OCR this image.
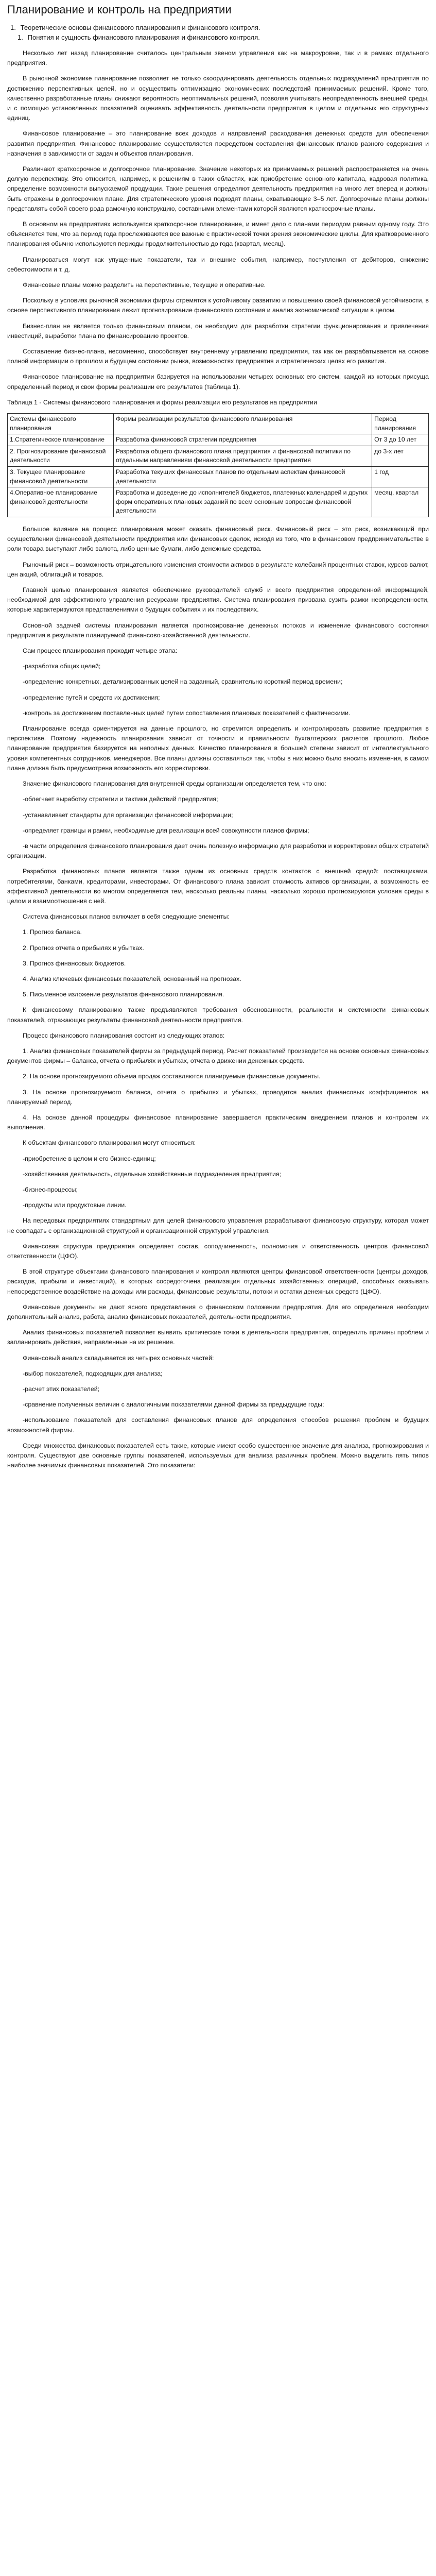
Планирование и контроль на предприятии
1. Теоретические основы финансового планирования и финансового контроля.
1. Понятия и сущность финансового планирования и финансового контроля.

Несколько лет назад планирование считалось центральным звеном управления как на макроуровне, так и в рамках отдельного предприятия.

В рыночной экономике планирование позволяет не только скоординировать деятельность отдельных подразделений предприятия по достижению перспективных целей, но и осуществить оптимизацию экономических последствий принимаемых решений. Кроме того, качественно разработанные планы снижают вероятность неоптимальных решений, позволяя учитывать неопределенность внешней среды, и с помощью установленных показателей оценивать эффективность деятельности предприятия в целом и отдельных его структурных единиц.

Финансовое планирование – это планирование всех доходов и направлений расходования денежных средств для обеспечения развития предприятия. Финансовое планирование осуществляется посредством составления финансовых планов разного содержания и назначения в зависимости от задач и объектов планирования.

Различают краткосрочное и долгосрочное планирование. Значение некоторых из принимаемых решений распространяется на очень долгую перспективу. Это относится, например, к решениям в таких областях, как приобретение основного капитала, кадровая политика, определение возможности выпускаемой продукции. Такие решения определяют деятельность предприятия на много лет вперед и должны быть отражены в долгосрочном плане. Для стратегического уровня подходят планы, охватывающие 3–5 лет. Долгосрочные планы должны представлять собой своего рода рамочную конструкцию, составными элементами которой являются краткосрочные планы.

В основном на предприятиях используется краткосрочное планирование, и имеет дело с планами периодом равным одному году. Это объясняется тем, что за период года прослеживаются все важные с практической точки зрения экономические циклы. Для кратковременного планирования обычно используются периоды продолжительностью до года (квартал, месяц).

Планироваться могут как упущенные показатели, так и внешние события, например, поступления от дебиторов, снижение себестоимости и т. д.

Финансовые планы можно разделить на перспективные, текущие и оперативные.

Поскольку в условиях рыночной экономики фирмы стремятся к устойчивому развитию и повышению своей финансовой устойчивости, в основе перспективного планирования лежит прогнозирование финансового состояния и анализ экономической ситуации в целом.

Бизнес-план не является только финансовым планом, он необходим для разработки стратегии функционирования и привлечения инвестиций, выработки плана по финансированию проектов.

Составление бизнес-плана, несомненно, способствует внутреннему управлению предприятия, так как он разрабатывается на основе полной информации о прошлом и будущем состоянии рынка, возможностях предприятия и стратегических целях его развития.

Финансовое планирование на предприятии базируется на использовании четырех основных его систем, каждой из которых присуща определенный период и свои формы реализации его результатов (таблица 1).

Таблица 1 - Системы финансового планирования и формы реализации его результатов на предприятии

Системы финансового планирования	Формы реализации результатов финансового планирования	Период планирования
1.Стратегическое планирование	Разработка финансовой стратегии предприятия	От 3 до 10 лет
2. Прогнозирование финансовой деятельности	Разработка общего финансового плана предприятия и финансовой политики по отдельным направлениям финансовой деятельности предприятия	до 3-х лет
3. Текущее планирование финансовой деятельности	Разработка текущих финансовых планов по отдельным аспектам финансовой деятельности	1 год
4.Оперативное планирование финансовой деятельности	Разработка и доведение до исполнителей бюджетов, платежных календарей и других форм оперативных плановых заданий по всем основным вопросам финансовой деятельности	месяц, квартал

Большое влияние на процесс планирования может оказать финансовый риск. Финансовый риск – это риск, возникающий при осуществлении финансовой деятельности предприятия или финансовых сделок, исходя из того, что в финансовом предпринимательстве в роли товара выступают либо валюта, либо ценные бумаги, либо денежные средства.

Рыночный риск – возможность отрицательного изменения стоимости активов в результате колебаний процентных ставок, курсов валют, цен акций, облигаций и товаров.

Главной целью планирования является обеспечение руководителей служб и всего предприятия определенной информацией, необходимой для эффективного управления ресурсами предприятия. Система планирования призвана сузить рамки неопределенности, которые характеризуются представлениями о будущих событиях и их последствиях.

Основной задачей системы планирования является прогнозирование денежных потоков и изменение финансового состояния предприятия в результате планируемой финансово-хозяйственной деятельности.

Сам процесс планирования проходит четыре этапа:

-разработка общих целей;

-определение конкретных, детализированных целей на заданный, сравнительно короткий период времени;

-определение путей и средств их достижения;

-контроль за достижением поставленных целей путем сопоставления плановых показателей с фактическими.

Планирование всегда ориентируется на данные прошлого, но стремится определить и контролировать развитие предприятия в перспективе. Поэтому надежность планирования зависит от точности и правильности бухгалтерских расчетов прошлого. Любое планирование предприятия базируется на неполных данных. Качество планирования в большей степени зависит от интеллектуального уровня компетентных сотрудников, менеджеров. Все планы должны составляться так, чтобы в них можно было вносить изменения, в самом плане должна быть предусмотрена возможность его корректировки.

Значение финансового планирования для внутренней среды организации определяется тем, что оно:

-облегчает выработку стратегии и тактики действий предприятия;

-устанавливает стандарты для организации финансовой информации;

-определяет границы и рамки, необходимые для реализации всей совокупности планов фирмы;

-в части определения финансового планирования дает очень полезную информацию для разработки и корректировки общих стратегий организации.

Разработка финансовых планов является также одним из основных средств контактов с внешней средой: поставщиками, потребителями, банками, кредиторами, инвесторами. От финансового плана зависит стоимость активов организации, а возможность ее эффективной деятельности во многом определяется тем, насколько реальны планы, насколько хорошо прогнозируются условия среды в целом и взаимоотношения с ней.

Система финансовых планов включает в себя следующие элементы:

1. Прогноз баланса.

2. Прогноз отчета о прибылях и убытках.

3. Прогноз финансовых бюджетов.

4. Анализ ключевых финансовых показателей, основанный на прогнозах.

5. Письменное изложение результатов финансового планирования.

К финансовому планированию также предъявляются требования обоснованности, реальности и системности финансовых показателей, отражающих результаты финансовой деятельности предприятия.

Процесс финансового планирования состоит из следующих этапов:

1. Анализ финансовых показателей фирмы за предыдущий период. Расчет показателей производится на основе основных финансовых документов фирмы – баланса, отчета о прибылях и убытках, отчета о движении денежных средств.

2. На основе прогнозируемого объема продаж составляются планируемые финансовые документы.

3. На основе прогнозируемого баланса, отчета о прибылях и убытках, проводится анализ финансовых коэффициентов на планируемый период.

4. На основе данной процедуры финансовое планирование завершается практическим внедрением планов и контролем их выполнения.

К объектам финансового планирования могут относиться:

-приобретение в целом и его бизнес-единиц;

-хозяйственная деятельность, отдельные хозяйственные подразделения предприятия;

-бизнес-процессы;

-продукты или продуктовые линии.

На передовых предприятиях стандартным для целей финансового управления разрабатывают финансовую структуру, которая может не совпадать с организационной структурой и организационной структурой управления.

Финансовая структура предприятия определяет состав, соподчиненность, полномочия и ответственность центров финансовой ответственности (ЦФО).

В этой структуре объектами финансового планирования и контроля являются центры финансовой ответственности (центры доходов, расходов, прибыли и инвестиций), в которых сосредоточена реализация отдельных хозяйственных операций, способных оказывать непосредственное воздействие на доходы или расходы, финансовые результаты, потоки и остатки денежных средств (ЦФО).

Финансовые документы не дают ясного представления о финансовом положении предприятия. Для его определения необходим дополнительный анализ, работа, анализ финансовых показателей, деятельности предприятия.

Анализ финансовых показателей позволяет выявить критические точки в деятельности предприятия, определить причины проблем и запланировать действия, направленные на их решение.

Финансовый анализ складывается из четырех основных частей:

-выбор показателей, подходящих для анализа;

-расчет этих показателей;

-сравнение полученных величин с аналогичными показателями данной фирмы за предыдущие годы;

-использование показателей для составления финансовых планов для определения способов решения проблем и будущих возможностей фирмы.

Среди множества финансовых показателей есть такие, которые имеют особо существенное значение для анализа, прогнозирования и контроля. Существуют две основные группы показателей, используемых для анализа различных проблем. Можно выделить пять типов наиболее значимых финансовых показателей. Это показатели:
